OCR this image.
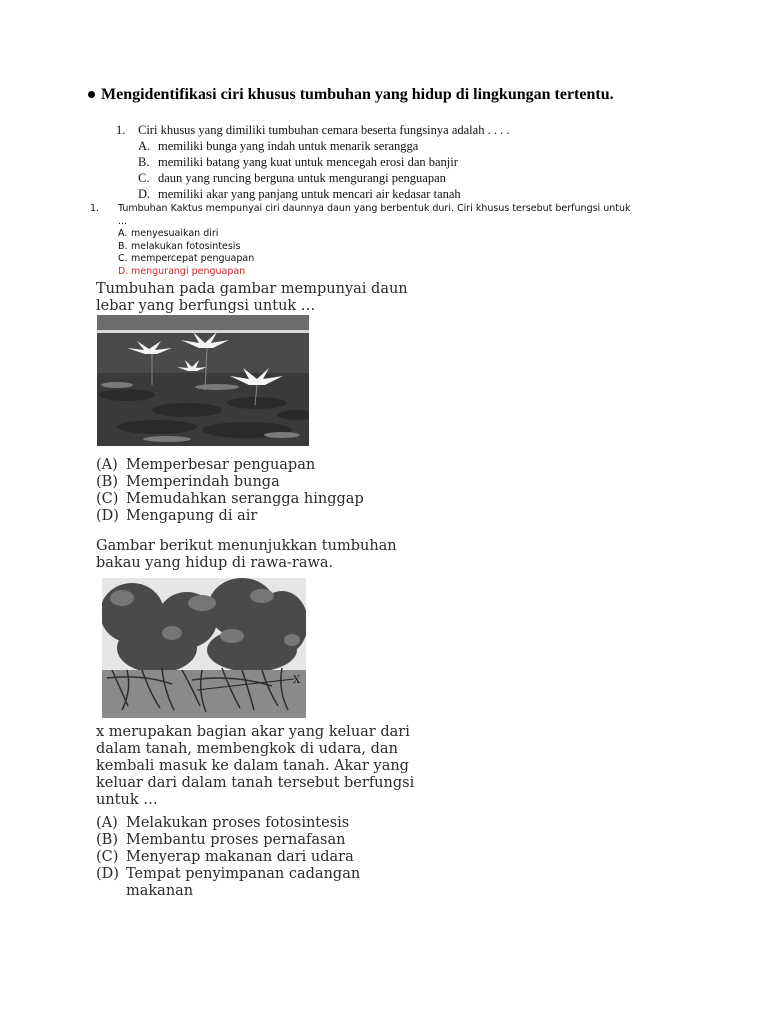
Mengidentifikasi ciri khusus tumbuhan yang hidup di lingkungan tertentu.
1. Ciri khusus yang dimiliki tumbuhan cemara beserta fungsinya adalah . . . .
A. memiliki bunga yang indah untuk menarik serangga
B. memiliki batang yang kuat untuk mencegah erosi dan banjir
C. daun yang runcing berguna untuk mengurangi penguapan
D. memiliki akar yang panjang untuk mencari air kedasar tanah
1. Tumbuhan Kaktus mempunyai ciri daunnya daun yang berbentuk duri. Ciri khusus tersebut berfungsi untuk
...
A. menyesuaikan diri
B. melakukan fotosintesis
C. mempercepat penguapan
D. mengurangi penguapan
Tumbuhan pada gambar mempunyai daun
lebar yang berfungsi untuk …
(A) Memperbesar penguapan
(B) Memperindah bunga
(C) Memudahkan serangga hinggap
(D) Mengapung di air
Gambar berikut menunjukkan tumbuhan
bakau yang hidup di rawa-rawa.
X
x merupakan bagian akar yang keluar dari
dalam tanah, membengkok di udara, dan
kembali masuk ke dalam tanah. Akar yang
keluar dari dalam tanah tersebut berfungsi
untuk …
(A) Melakukan proses fotosintesis
(B) Membantu proses pernafasan
(C) Menyerap makanan dari udara
(D) Tempat penyimpanan cadangan
makanan
